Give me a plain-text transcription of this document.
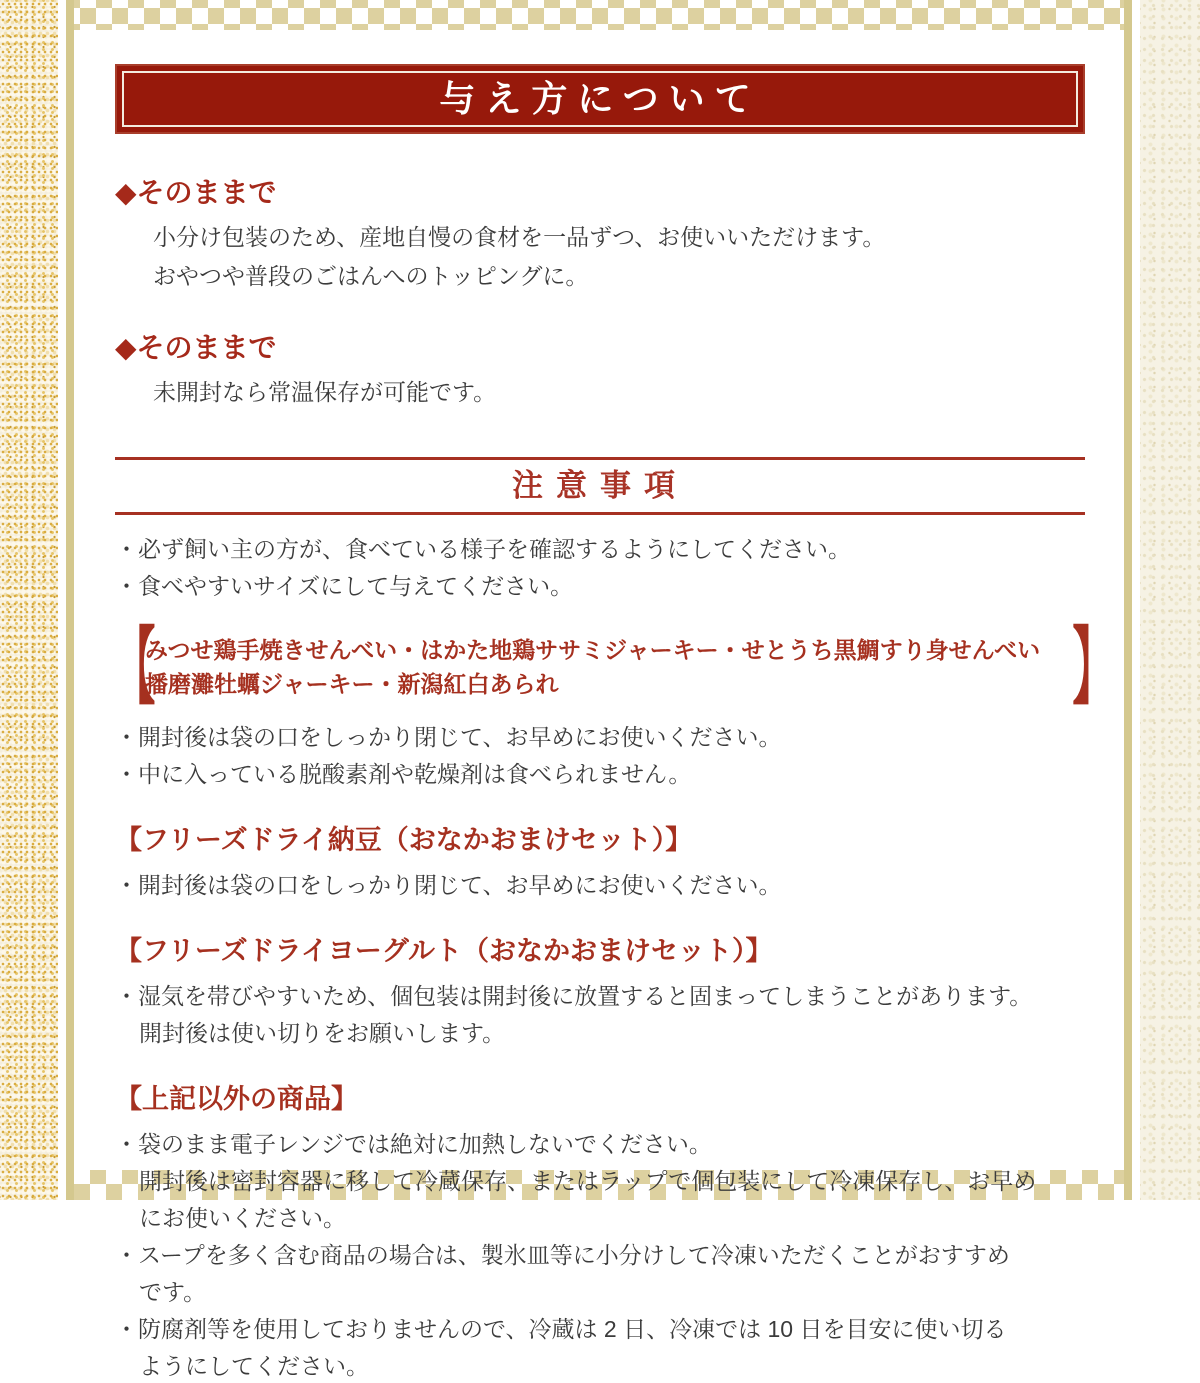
与え方について
◆そのままで
小分け包装のため、産地自慢の食材を一品ずつ、お使いいただけます。
おやつや普段のごはんへのトッピングに。
◆そのままで
未開封なら常温保存が可能です。
注意事項
・必ず飼い主の方が、食べている様子を確認するようにしてください。
・食べやすいサイズにして与えてください。
【
みつせ鶏手焼きせんべい・はかた地鶏ササミジャーキー・せとうち黒鯛すり身せんべい
播磨灘牡蠣ジャーキー・新潟紅白あられ	】
・開封後は袋の口をしっかり閉じて、お早めにお使いください。
・中に入っている脱酸素剤や乾燥剤は食べられません。
【フリーズドライ納豆（おなかおまけセット）】
・開封後は袋の口をしっかり閉じて、お早めにお使いください。
【フリーズドライヨーグルト（おなかおまけセット）】
・湿気を帯びやすいため、個包装は開封後に放置すると固まってしまうことがあります。
開封後は使い切りをお願いします。
【上記以外の商品】
・袋のまま電子レンジでは絶対に加熱しないでください。
開封後は密封容器に移して冷蔵保存、またはラップで個包装にして冷凍保存し、お早め
にお使いください。
・スープを多く含む商品の場合は、製氷皿等に小分けして冷凍いただくことがおすすめ
です。
・防腐剤等を使用しておりませんので、冷蔵は 2 日、冷凍では 10 日を目安に使い切る
ようにしてください。
